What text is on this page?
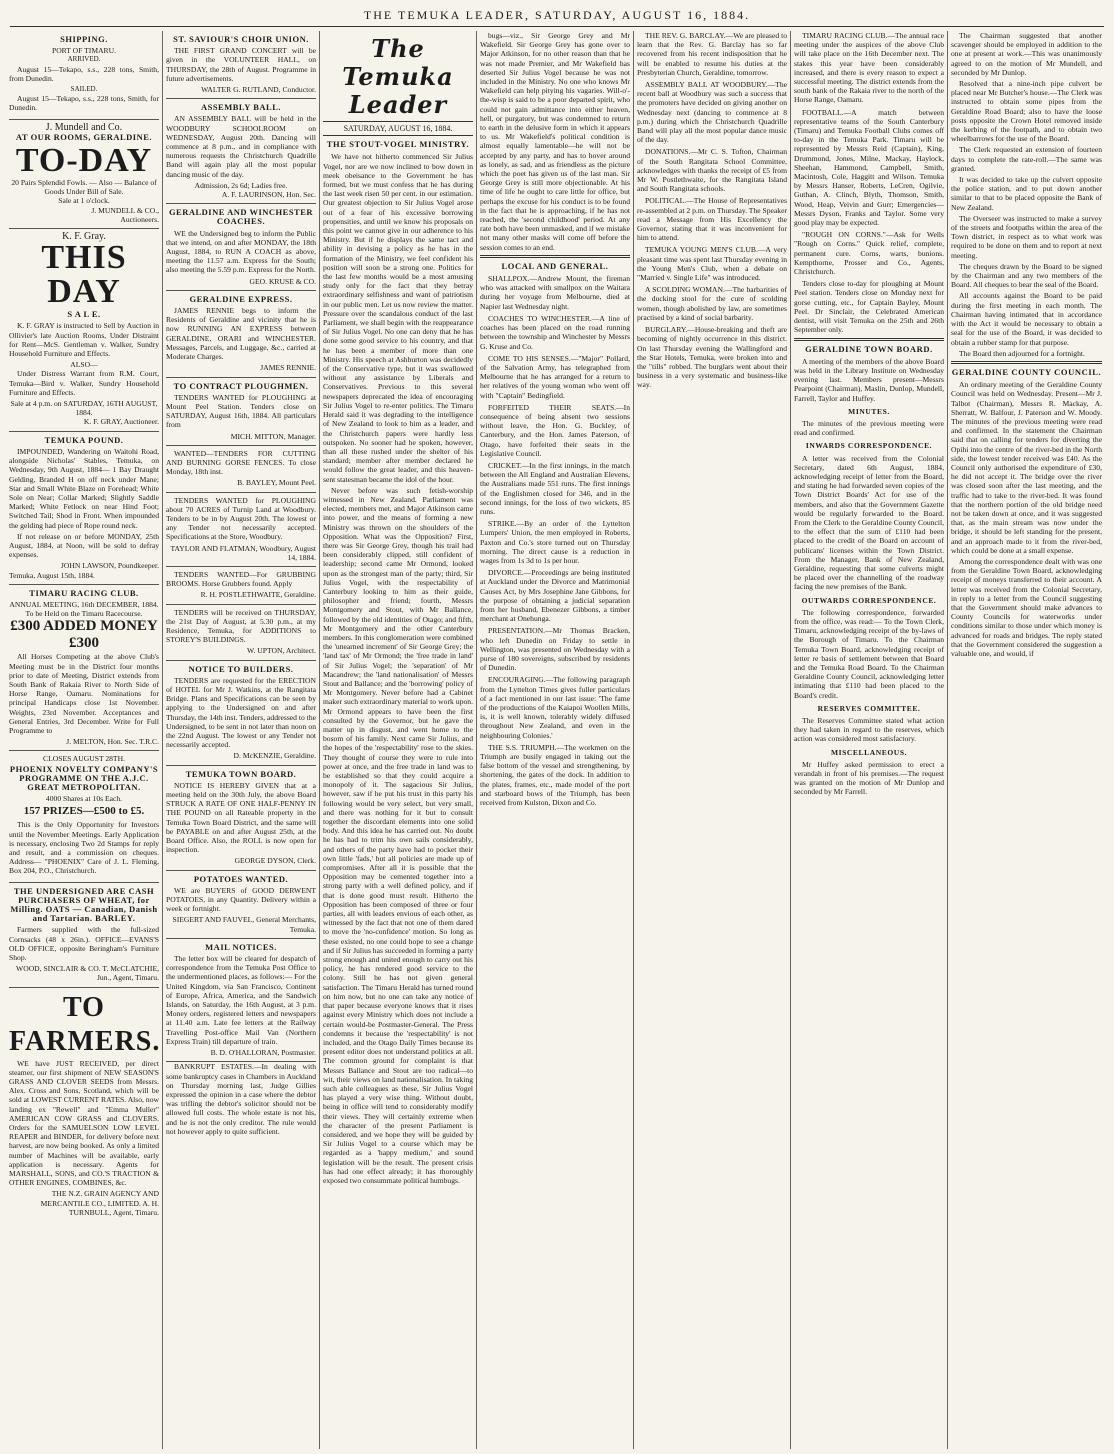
THE TEMUKA LEADER, SATURDAY, AUGUST 16, 1884.
SHIPPING.
PORT OF TIMARU.
ARRIVED.
August 15—Tekapo, s.s., 228 tons, Smith, from Dunedin.
SAILED.
August 15—Tekapo, s.s., 228 tons, Smith, for Dunedin.
J. Mundell and Co.
AT OUR ROOMS, GERALDINE.
TO-DAY
20 Pairs Splendid Fowls. — Also — Balance of Goods Under Bill of Sale.
Sale at 1 o'clock.
J. MUNDELL & CO.,
Auctioneers.
K. F. Gray.
THIS DAY
S A L E.
K. F. GRAY is instructed to Sell by Auction in Ollivier's late Auction Rooms, Under Distraint for Rent—McS. Gentleman v. Walker, Sundry Household Furniture and Effects.
ALSO—
Under Distress Warrant from R.M. Court, Temuka—Bird v. Walker, Sundry Household Furniture and Effects.
Sale at 4 p.m. on SATURDAY, 16TH AUGUST, 1884.
K. F. GRAY, Auctioneer.
TEMUKA POUND.
IMPOUNDED, Wandering on Waitohi Road, alongside Nicholas' Stables, Temuka, on Wednesday, 9th August, 1884— 1 Bay Draught Gelding, Branded H on off neck under Mane; Star and Small White Blaze on Forehead; White Sole on Near; Collar Marked; Slightly Saddle Marked; White Fetlock on near Hind Foot; Switched Tail; Shod in Front. When impounded the gelding had piece of Rope round neck.
If not release on or before MONDAY, 25th August, 1884, at Noon, will be sold to defray expenses.
JOHN LAWSON, Poundkeeper.
Temuka, August 15th, 1884.
TIMARU RACING CLUB.
ANNUAL MEETING, 16th DECEMBER, 1884.
To be Held on the Timaru Racecourse.
£300 ADDED MONEY £300
All Horses Competing at the above Club's Meeting must be in the District four months prior to date of Meeting, District extends from South Bank of Rakaia River to North Side of Horse Range, Oamaru. Nominations for principal Handicaps close 1st November. Weights, 23rd November. Acceptances and General Entries, 3rd December. Write for Full Programme to
J. MELTON, Hon. Sec. T.R.C.
CLOSES AUGUST 28TH.
PHOENIX NOVELTY COMPANY'S PROGRAMME ON THE A.J.C. GREAT METROPOLITAN.
4000 Shares at 10s Each.
157 PRIZES—£500 to £5.
This is the Only Opportunity for Investors until the November Meetings. Early Application is necessary, enclosing Two 2d Stamps for reply and result, and a commission on cheques. Address— "PHOENIX" Care of J. L. Fleming, Box 204, P.O., Christchurch.
THE UNDERSIGNED ARE CASH PURCHASERS OF WHEAT, for Milling. OATS — Canadian, Danish and Tartarian. BARLEY.
Farmers supplied with the full-sized Cornsacks (48 x 26in.). OFFICE—EVANS'S OLD OFFICE, opposite Beringham's Furniture Shop.
WOOD, SINCLAIR & CO. T. McCLATCHIE, Jun., Agent, Timaru.
TO FARMERS.
WE have JUST RECEIVED, per direct steamer, our first shipment of NEW SEASON'S GRASS AND CLOVER SEEDS from Messrs. Alex. Cross and Sons, Scotland, which will be sold at LOWEST CURRENT RATES. Also, now landing ex "Rewell" and "Emma Muller" AMERICAN COW GRASS and CLOVERS. Orders for the SAMUELSON LOW LEVEL REAPER and BINDER, for delivery before next harvest, are now being booked. As only a limited number of Machines will be available, early application is necessary. Agents for MARSHALL, SONS, and CO.'S TRACTION & OTHER ENGINES, COMBINES, &c.
THE N.Z. GRAIN AGENCY AND MERCANTILE CO., LIMITED. A. H. TURNBULL, Agent, Timaru.
ST. SAVIOUR'S CHOIR UNION.
THE FIRST GRAND CONCERT will be given in the VOLUNTEER HALL, on THURSDAY, the 28th of August. Programme in future advertisements.
WALTER G. RUTLAND, Conductor.
ASSEMBLY BALL.
AN ASSEMBLY BALL will be held in the WOODBURY SCHOOLROOM on WEDNESDAY, August 20th. Dancing will commence at 8 p.m., and in compliance with numerous requests the Christchurch Quadrille Band will again play all the most popular dancing music of the day.
Admission, 2s 6d; Ladies free.
A. F. LAURINSON, Hon. Sec.
GERALDINE AND WINCHESTER COACHES.
WE the Undersigned beg to inform the Public that we intend, on and after MONDAY, the 18th August, 1884, to RUN A COACH as above, meeting the 11.57 a.m. Express for the South; also meeting the 5.59 p.m. Express for the North.
GEO. KRUSE & CO.
GERALDINE EXPRESS.
JAMES RENNIE begs to inform the Residents of Geraldine and vicinity that he is now RUNNING AN EXPRESS between GERALDINE, ORARI and WINCHESTER. Messages, Parcels, and Luggage, &c., carried at Moderate Charges.
JAMES RENNIE.
TO CONTRACT PLOUGHMEN.
TENDERS WANTED for PLOUGHING at Mount Peel Station. Tenders close on SATURDAY, August 16th, 1884. All particulars from
MICH. MITTON, Manager.
WANTED—TENDERS FOR CUTTING AND BURNING GORSE FENCES. To close Monday, 18th inst.
B. BAYLEY, Mount Peel.
TENDERS WANTED for PLOUGHING about 70 ACRES of Turnip Land at Woodbury. Tenders to be in by August 20th. The lowest or any Tender not necessarily accepted. Specifications at the Store, Woodbury.
TAYLOR AND FLATMAN, Woodbury, August 14, 1884.
TENDERS WANTED—For GRUBBING BROOMS. Horse Grubbers found. Apply
R. H. POSTLETHWAITE, Geraldine.
TENDERS will be received on THURSDAY, the 21st Day of August, at 5.30 p.m., at my Residence, Temuka, for ADDITIONS to STOREY'S BUILDINGS.
W. UPTON, Architect.
NOTICE TO BUILDERS.
TENDERS are requested for the ERECTION of HOTEL for Mr J. Watkins, at the Rangitata Bridge. Plans and Specifications can be seen by applying to the Undersigned on and after Thursday, the 14th inst. Tenders, addressed to the Undersigned, to be sent in not later than noon on the 22nd August. The lowest or any Tender not necessarily accepted.
D. McKENZIE, Geraldine.
TEMUKA TOWN BOARD.
NOTICE IS HEREBY GIVEN that at a meeting held on the 30th July, the above Board STRUCK A RATE OF ONE HALF-PENNY IN THE POUND on all Rateable property in the Temuka Town Board District, and the same will be PAYABLE on and after August 25th, at the Board Office. Also, the ROLL is now open for inspection.
GEORGE DYSON, Clerk.
POTATOES WANTED.
WE are BUYERS of GOOD DERWENT POTATOES, in any Quantity. Delivery within a week or fortnight.
SIEGERT AND FAUVEL, General Merchants, Temuka.
MAIL NOTICES.
The letter box will be cleared for despatch of correspondence from the Temuka Post Office to the undermentioned places, as follows:— For the United Kingdom, via San Francisco, Continent of Europe, Africa, America, and the Sandwich Islands, on Saturday, the 16th August, at 3 p.m. Money orders, registered letters and newspapers at 11.40 a.m. Late fee letters at the Railway Travelling Post-office Mail Van (Northern Express Train) till departure of train.
B. D. O'HALLORAN, Postmaster.
BANKRUPT ESTATES.—In dealing with some bankruptcy cases in Chambers in Auckland on Thursday morning last, Judge Gillies expressed the opinion in a case where the debtor was trifling the debtor's solicitor should not be allowed full costs. The whole estate is not his, and he is not the only creditor. The rule would not however apply to quite sufficient.
The Temuka Leader
SATURDAY, AUGUST 16, 1884.
THE STOUT-VOGEL MINISTRY.
We have not hitherto commenced Sir Julius Vogel, nor are we now inclined to bow down in meek obeisance to the Government he has formed, but we must confess that he has during the last week risen 50 per cent. in our estimation. Our greatest objection to Sir Julius Vogel arose out of a fear of his excessive borrowing propensities, and until we know his proposals on this point we cannot give in our adherence to his Ministry. But if he displays the same tact and ability in devising a policy as he has in the formation of the Ministry, we feel confident his position will soon be a strong one. Politics for the last few months would be a most amusing study only for the fact that they betray extraordinary selfishness and want of patriotism in our public men. Let us now review the matter. Pressure over the scandalous conduct of the last Parliament, we shall begin with the reappearance of Sir Julius Vogel. No one can deny that he has done some good service to his country, and that he has been a member of more than one Ministry. His speech at Ashburton was decidedly of the Conservative type, but it was swallowed without any assistance by Liberals and Conservatives. Previous to this several newspapers deprecated the idea of encouraging Sir Julius Vogel to re-enter politics. The Timaru Herald said it was degrading to the intelligence of New Zealand to look to him as a leader, and the Christchurch papers were hardly less outspoken. No sooner had he spoken, however, than all these rushed under the shelter of his standard; member after member declared he would follow the great leader, and this heaven-sent statesman became the idol of the hour.
Never before was such fetish-worship witnessed in New Zealand. Parliament was elected, members met, and Major Atkinson came into power, and the means of forming a new Ministry was thrown on the shoulders of the Opposition. What was the Opposition? First, there was Sir George Grey, though his trail had been considerably clipped, still confident of leadership; second came Mr Ormond, looked upon as the strongest man of the party; third, Sir Julius Vogel, with the respectability of Canterbury looking to him as their guide, philosopher and friend; fourth, Messrs Montgomery and Stout, with Mr Ballance, followed by the old identities of Otago; and fifth, Mr Montgomery and the other Canterbury members. In this conglomeration were combined the 'unearned increment' of Sir George Grey; the 'land tax' of Mr Ormond; the 'free trade in land' of Sir Julius Vogel; the 'separation' of Mr Macandrew; the 'land nationalisation' of Messrs Stout and Ballance; and the 'borrowing' policy of Mr Montgomery. Never before had a Cabinet maker such extraordinary material to work upon. Mr Ormond appears to have been the first consulted by the Governor, but he gave the matter up in disgust, and went home to the bosom of his family. Next came Sir Julius, and the hopes of the 'respectability' rose to the skies. They thought of course they were to rule into power at once, and the free trade in land was to be established so that they could acquire a monopoly of it. The sagacious Sir Julius, however, saw if he put his trust in this party his following would be very select, but very small, and there was nothing for it but to consult together the discordant elements into one solid body. And this idea he has carried out. No doubt he has had to trim his own sails considerably, and others of the party have had to pocket their own little 'fads,' but all policies are made up of compromises. After all it is possible that the Opposition may be cemented together into a strong party with a well defined policy, and if that is done good must result. Hitherto the Opposition has been composed of three or four parties, all with leaders envious of each other, as witnessed by the fact that not one of them dared to move the 'no-confidence' motion. So long as these existed, no one could hope to see a change and if Sir Julius has succeeded in forming a party strong enough and united enough to carry out his policy, he has rendered good service to the colony. Still he has not given general satisfaction. The Timaru Herald has turned round on him now, but no one can take any notice of that paper because everyone knows that it rises against every Ministry which does not include a certain would-be Postmaster-General. The Press condemns it because the 'respectability' is not included, and the Otago Daily Times because its present editor does not understand politics at all. The common ground for complaint is that Messrs Ballance and Stout are too radical—to wit, their views on land nationalisation. In taking such able colleagues as these, Sir Julius Vogel has played a very wise thing. Without doubt, being in office will tend to considerably modify their views. They will certainly extreme when the character of the present Parliament is considered, and we hope they will be guided by Sir Julius Vogel to a course which may be regarded as a 'happy medium,' and sound legislation will be the result. The present crisis has had one effect already; it has thoroughly exposed two consummate political humbugs.
bugs—viz., Sir George Grey and Mr Wakefield. Sir George Grey has gone over to Major Atkinson, for no other reason than that he was not made Premier, and Mr Wakefield has deserted Sir Julius Vogel because he was not included in the Ministry. No one who knows Mr Wakefield can help pitying his vagaries. Will-o'-the-wisp is said to be a poor departed spirit, who could not gain admittance into either heaven, hell, or purgatory, but was condemned to return to earth in the delusive form in which it appears to us. Mr Wakefield's political condition is almost equally lamentable—he will not be accepted by any party, and has to hover around as lonely, as sad, and as friendless as the picture which the poet has given us of the last man. Sir George Grey is still more objectionable. At his time of life he ought to care little for office, but perhaps the excuse for his conduct is to be found in the fact that he is approaching, if he has not reached, the 'second childhood' period. At any rate both have been unmasked, and if we mistake not many other masks will come off before the session comes to an end.
LOCAL AND GENERAL.
SHALLPOX.—Andrew Mount, the fireman who was attacked with smallpox on the Waitara during her voyage from Melbourne, died at Napier last Wednesday night.
COACHES TO WINCHESTER.—A line of coaches has been placed on the road running between the township and Winchester by Messrs G. Kruse and Co.
COME TO HIS SENSES.—"Major" Pollard, of the Salvation Army, has telegraphed from Melbourne that he has arranged for a return to her relatives of the young woman who went off with "Captain" Bedingfield.
FORFEITED THEIR SEATS.—In consequence of being absent two sessions without leave, the Hon. G. Buckley, of Canterbury, and the Hon. James Paterson, of Otago, have forfeited their seats in the Legislative Council.
CRICKET.—In the first innings, in the match between the All England and Australian Elevens, the Australians made 551 runs. The first innings of the Englishmen closed for 346, and in the second innings, for the loss of two wickets, 85 runs.
STRIKE.—By an order of the Lyttelton Lumpers' Union, the men employed in Roberts, Paxton and Co.'s store turned out on Thursday morning. The direct cause is a reduction in wages from 1s 3d to 1s per hour.
DIVORCE.—Proceedings are being instituted at Auckland under the Divorce and Matrimonial Causes Act, by Mrs Josephine Jane Gibbons, for the purpose of obtaining a judicial separation from her husband, Ebenezer Gibbons, a timber merchant at Onehunga.
PRESENTATION.—Mr Thomas Bracken, who left Dunedin on Friday to settle in Wellington, was presented on Wednesday with a purse of 180 sovereigns, subscribed by residents of Dunedin.
ENCOURAGING.—The following paragraph from the Lyttelton Times gives fuller particulars of a fact mentioned in our last issue: 'The fame of the productions of the Kaiapoi Woollen Mills, is, it is well known, tolerably widely diffused throughout New Zealand, and even in the neighbouring Colonies.'
THE S.S. TRIUMPH.—The workmen on the Triumph are busily engaged in taking out the false bottom of the vessel and strengthening, by shortening, the gates of the dock. In addition to the plates, frames, etc., made model of the port and starboard bows of the Triumph, has been received from Kulston, Dixon and Co.
THE REV. G. BARCLAY.—We are pleased to learn that the Rev. G. Barclay has so far recovered from his recent indisposition that he will be enabled to resume his duties at the Presbyterian Church, Geraldine, tomorrow.
ASSEMBLY BALL AT WOODBURY.—The recent ball at Woodbury was such a success that the promoters have decided on giving another on Wednesday next (dancing to commence at 8 p.m.) during which the Christchurch Quadrille Band will play all the most popular dance music of the day.
DONATIONS.—Mr C. S. Tofton, Chairman of the South Rangitata School Committee, acknowledges with thanks the receipt of £5 from Mr W. Postlethwaite, for the Rangitata Island and South Rangitata schools.
POLITICAL.—The House of Representatives re-assembled at 2 p.m. on Thursday. The Speaker read a Message from His Excellency the Governor, stating that it was inconvenient for him to attend.
TEMUKA YOUNG MEN'S CLUB.—A very pleasant time was spent last Thursday evening in the Young Men's Club, when a debate on "Married v. Single Life" was introduced.
A SCOLDING WOMAN.—The barbarities of the ducking stool for the cure of scolding women, though abolished by law, are sometimes practised by a kind of social barbarity.
BURGLARY.—House-breaking and theft are becoming of nightly occurrence in this district. On last Thursday evening the Wallingford and the Star Hotels, Temuka, were broken into and the "tills" robbed. The burglars went about their business in a very systematic and business-like way.
TIMARU RACING CLUB.—The annual race meeting under the auspices of the above Club will take place on the 16th December next. The stakes this year have been considerably increased, and there is every reason to expect a successful meeting. The district extends from the south bank of the Rakaia river to the north of the Horse Range, Oamaru.
FOOTBALL.—A match between representative teams of the South Canterbury (Timaru) and Temuka Football Clubs comes off to-day in the Temuka Park. Timaru will be represented by Messrs Reid (Captain), King, Drummond, Jones, Milne, Mackay, Haylock, Sheehan, Hammond, Campbell, Smith, Macintosh, Cole, Haggitt and Wilson. Temuka by Messrs Hanser, Roberts, LeCren, Ogilvie, Guthan, A. Clinch, Blyth, Thomson, Smith, Wood, Heap, Veivin and Gurr; Emergencies—Messrs Dyson, Franks and Taylor. Some very good play may be expected.
"ROUGH ON CORNS."—Ask for Wells "Rough on Corns." Quick relief, complete, permanent cure. Corns, warts, bunions. Kempthorne, Prosser and Co., Agents, Christchurch.
Tenders close to-day for ploughing at Mount Peel station. Tenders close on Monday next for gorse cutting, etc., for Captain Bayley, Mount Peel. Dr Sinclair, the Celebrated American dentist, will visit Temuka on the 25th and 26th September only.
GERALDINE TOWN BOARD.
A meeting of the members of the above Board was held in the Library Institute on Wednesday evening last. Members present—Messrs Pearpoint (Chairman), Maslin, Dunlop, Mundell, Farrell, Taylor and Huffey.
MINUTES.
The minutes of the previous meeting were read and confirmed.
INWARDS CORRESPONDENCE.
A letter was received from the Colonial Secretary, dated 6th August, 1884, acknowledging receipt of letter from the Board, and stating he had forwarded seven copies of the Town District Boards' Act for use of the members, and also that the Government Gazette would be regularly forwarded to the Board. From the Clerk to the Geraldine County Council, to the effect that the sum of £110 had been placed to the credit of the Board on account of publicans' licenses within the Town District. From the Manager, Bank of New Zealand, Geraldine, requesting that some culverts might be placed over the channelling of the roadway facing the new premises of the Bank.
OUTWARDS CORRESPONDENCE.
The following correspondence, forwarded from the office, was read:— To the Town Clerk, Timaru, acknowledging receipt of the by-laws of the Borough of Timaru. To the Chairman Temuka Town Board, acknowledging receipt of letter re basis of settlement between that Board and the Temuka Road Board. To the Chairman Geraldine County Council, acknowledging letter intimating that £110 had been placed to the Board's credit.
RESERVES COMMITTEE.
The Reserves Committee stated what action they had taken in regard to the reserves, which action was considered most satisfactory.
MISCELLANEOUS.
Mr Huffey asked permission to erect a verandah in front of his premises.—The request was granted on the motion of Mr Dunlop and seconded by Mr Farrell.
The Chairman suggested that another scavenger should be employed in addition to the one at present at work.—This was unanimously agreed to on the motion of Mr Mundell, and seconded by Mr Dunlop.
Resolved that a nine-inch pipe culvert be placed near Mr Butcher's house.—The Clerk was instructed to obtain some pipes from the Geraldine Road Board; also to have the loose posts opposite the Crown Hotel removed inside the kerbing of the footpath, and to obtain two wheelbarrows for the use of the Board.
The Clerk requested an extension of fourteen days to complete the rate-roll.—The same was granted.
It was decided to take up the culvert opposite the police station, and to put down another similar to that to be placed opposite the Bank of New Zealand.
The Overseer was instructed to make a survey of the streets and footpaths within the area of the Town district, in respect as to what work was required to be done on them and to report at next meeting.
The cheques drawn by the Board to be signed by the Chairman and any two members of the Board. All cheques to bear the seal of the Board.
All accounts against the Board to be paid during the first meeting in each month. The Chairman having intimated that in accordance with the Act it would be necessary to obtain a seal for the use of the Board, it was decided to obtain a rubber stamp for that purpose.
The Board then adjourned for a fortnight.
GERALDINE COUNTY COUNCIL.
An ordinary meeting of the Geraldine County Council was held on Wednesday. Present—Mr J. Talbot (Chairman), Messrs R. Mackay, A. Sherratt, W. Balfour, J. Paterson and W. Moody. The minutes of the previous meeting were read and confirmed. In the statement the Chairman said that on calling for tenders for diverting the Opihi into the centre of the river-bed in the North side, the lowest tender received was £40. As the Council only authorised the expenditure of £30, he did not accept it. The bridge over the river was closed soon after the last meeting, and the traffic had to take to the river-bed. It was found that the northern portion of the old bridge need not be taken down at once, and it was suggested that, as the main stream was now under the bridge, it should be left standing for the present, and an approach made to it from the river-bed, which could be done at a small expense.
Among the correspondence dealt with was one from the Geraldine Town Board, acknowledging receipt of moneys transferred to their account. A letter was received from the Colonial Secretary, in reply to a letter from the Council suggesting that the Government should make advances to County Councils for waterworks under conditions similar to those under which money is advanced for roads and bridges. The reply stated that the Government considered the suggestion a valuable one, and would, if
